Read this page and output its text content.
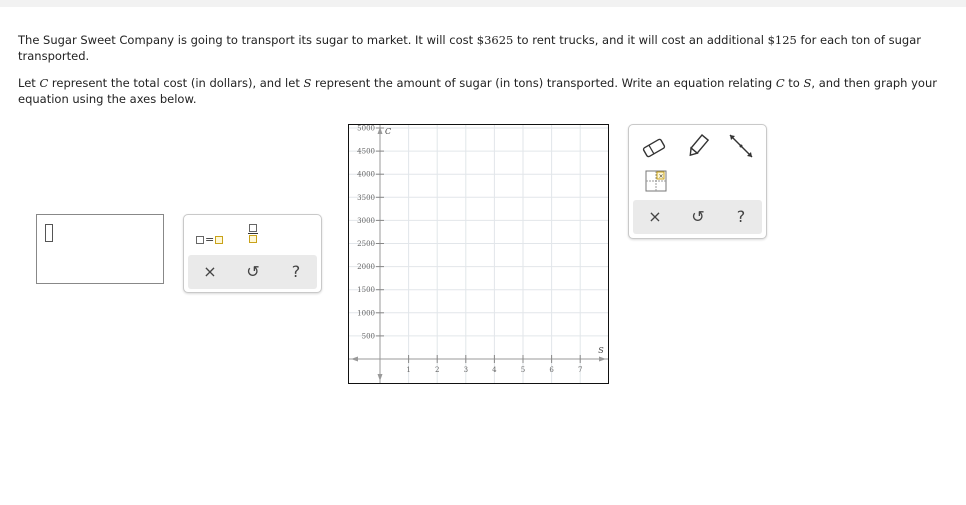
The Sugar Sweet Company is going to transport its sugar to market. It will cost $3625 to rent trucks, and it will cost an additional $125 for each ton of sugar transported.

Let C represent the total cost (in dollars), and let S represent the amount of sugar (in tons) transported. Write an equation relating C to S, and then graph your equation using the axes below.

=
× ↺	?
1	2	3	4	5	6	7
500
1000
1500
2000
2500
3000
3500
4000
4500
5000
S
C
×
× ↺	?
